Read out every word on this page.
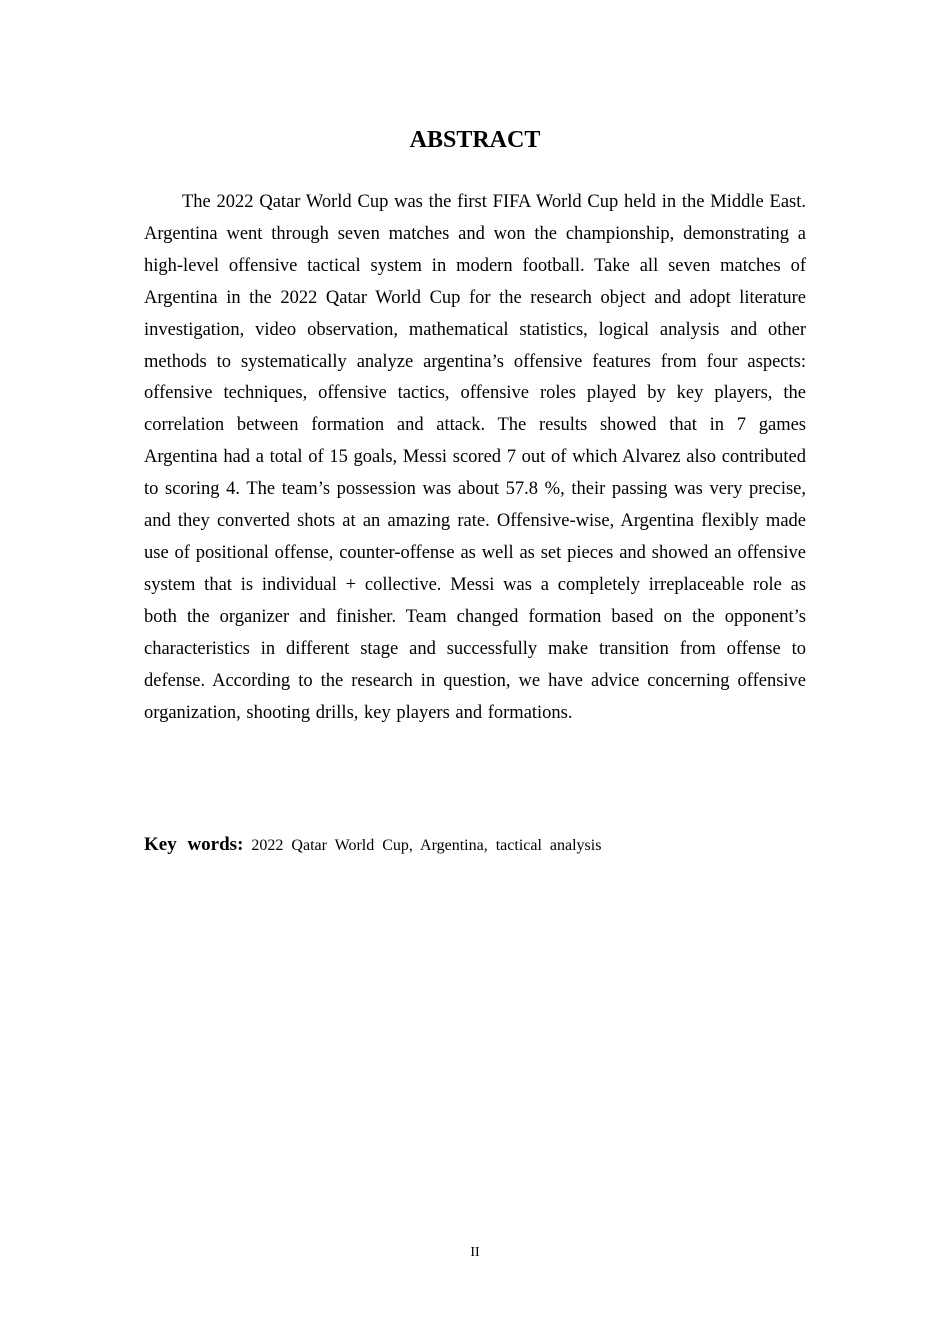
ABSTRACT

The 2022 Qatar World Cup was the first FIFA World Cup held in the Middle East. Argentina went through seven matches and won the championship, demonstrating a high-level offensive tactical system in modern football. Take all seven matches of Argentina in the 2022 Qatar World Cup for the research object and adopt literature investigation, video observation, mathematical statistics, logical analysis and other methods to systematically analyze argentina’s offensive features from four aspects: offensive techniques, offensive tactics, offensive roles played by key players, the correlation between formation and attack. The results showed that in 7 games Argentina had a total of 15 goals, Messi scored 7 out of which Alvarez also contributed to scoring 4. The team’s possession was about 57.8 %, their passing was very precise, and they converted shots at an amazing rate. Offensive-wise, Argentina flexibly made use of positional offense, counter-offense as well as set pieces and showed an offensive system that is individual + collective. Messi was a completely irreplaceable role as both the organizer and finisher. Team changed formation based on the opponent’s characteristics in different stage and successfully make transition from offense to defense. According to the research in question, we have advice concerning offensive organization, shooting drills, key players and formations.

Key words: 2022 Qatar World Cup, Argentina, tactical analysis

II
